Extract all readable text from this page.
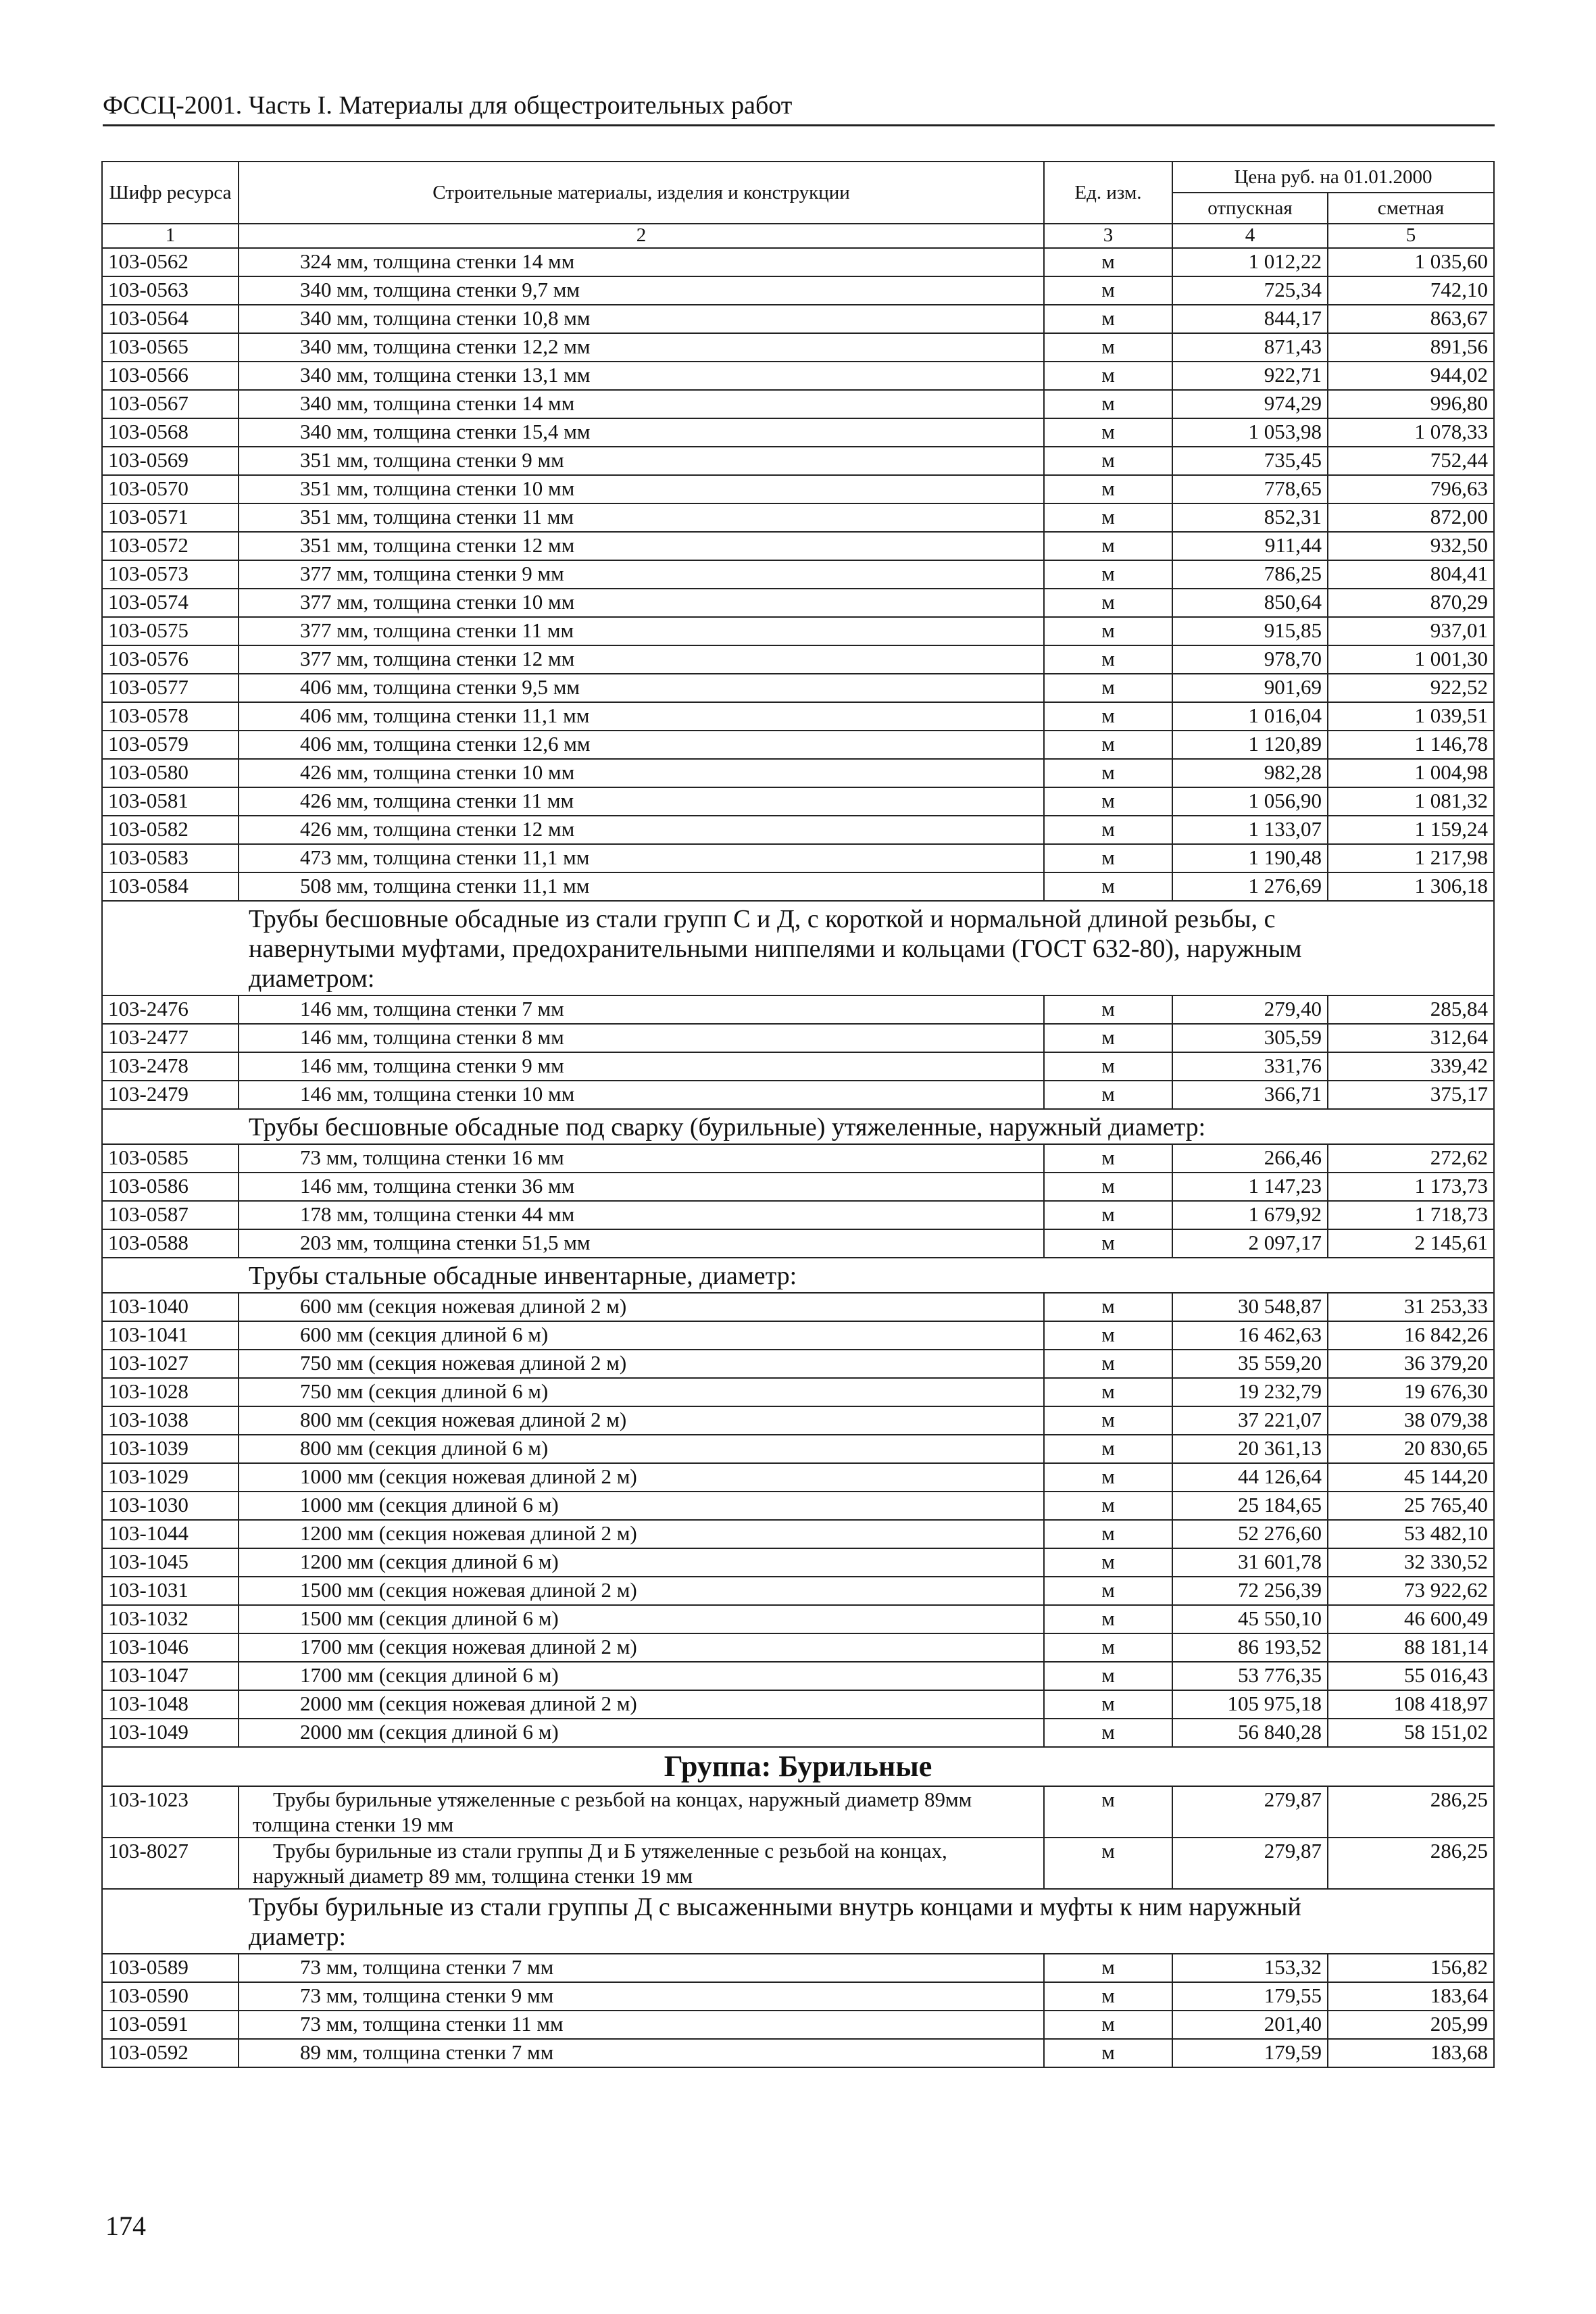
ФССЦ-2001. Часть I. Материалы для общестроительных работ
Шифр ресурса	Строительные материалы, изделия и конструкции	Ед. изм.	Цена руб. на 01.01.2000	
			отпускная	сметная
1	2	3	4	5
103-0562	324 мм, толщина стенки 14 мм	м	1 012,22	1 035,60
103-0563	340 мм, толщина стенки 9,7 мм	м	725,34	742,10
103-0564	340 мм, толщина стенки 10,8 мм	м	844,17	863,67
103-0565	340 мм, толщина стенки 12,2 мм	м	871,43	891,56
103-0566	340 мм, толщина стенки 13,1 мм	м	922,71	944,02
103-0567	340 мм, толщина стенки 14 мм	м	974,29	996,80
103-0568	340 мм, толщина стенки 15,4 мм	м	1 053,98	1 078,33
103-0569	351 мм, толщина стенки 9 мм	м	735,45	752,44
103-0570	351 мм, толщина стенки 10 мм	м	778,65	796,63
103-0571	351 мм, толщина стенки 11 мм	м	852,31	872,00
103-0572	351 мм, толщина стенки 12 мм	м	911,44	932,50
103-0573	377 мм, толщина стенки 9 мм	м	786,25	804,41
103-0574	377 мм, толщина стенки 10 мм	м	850,64	870,29
103-0575	377 мм, толщина стенки 11 мм	м	915,85	937,01
103-0576	377 мм, толщина стенки 12 мм	м	978,70	1 001,30
103-0577	406 мм, толщина стенки 9,5 мм	м	901,69	922,52
103-0578	406 мм, толщина стенки 11,1 мм	м	1 016,04	1 039,51
103-0579	406 мм, толщина стенки 12,6 мм	м	1 120,89	1 146,78
103-0580	426 мм, толщина стенки 10 мм	м	982,28	1 004,98
103-0581	426 мм, толщина стенки 11 мм	м	1 056,90	1 081,32
103-0582	426 мм, толщина стенки 12 мм	м	1 133,07	1 159,24
103-0583	473 мм, толщина стенки 11,1 мм	м	1 190,48	1 217,98
103-0584	508 мм, толщина стенки 11,1 мм	м	1 276,69	1 306,18
Трубы бесшовные обсадные из стали групп С и Д, с короткой и нормальной длиной резьбы, с навернутыми муфтами, предохранительными ниппелями и кольцами (ГОСТ 632-80), наружным диаметром:				
103-2476	146 мм, толщина стенки 7 мм	м	279,40	285,84
103-2477	146 мм, толщина стенки 8 мм	м	305,59	312,64
103-2478	146 мм, толщина стенки 9 мм	м	331,76	339,42
103-2479	146 мм, толщина стенки 10 мм	м	366,71	375,17
Трубы бесшовные обсадные под сварку (бурильные) утяжеленные, наружный диаметр:				
103-0585	73 мм, толщина стенки 16 мм	м	266,46	272,62
103-0586	146 мм, толщина стенки 36 мм	м	1 147,23	1 173,73
103-0587	178 мм, толщина стенки 44 мм	м	1 679,92	1 718,73
103-0588	203 мм, толщина стенки 51,5 мм	м	2 097,17	2 145,61
Трубы стальные обсадные инвентарные, диаметр:				
103-1040	600 мм (секция ножевая длиной 2 м)	м	30 548,87	31 253,33
103-1041	600 мм (секция длиной 6 м)	м	16 462,63	16 842,26
103-1027	750 мм (секция ножевая длиной 2 м)	м	35 559,20	36 379,20
103-1028	750 мм (секция длиной 6 м)	м	19 232,79	19 676,30
103-1038	800 мм (секция ножевая длиной 2 м)	м	37 221,07	38 079,38
103-1039	800 мм (секция длиной 6 м)	м	20 361,13	20 830,65
103-1029	1000 мм (секция ножевая длиной 2 м)	м	44 126,64	45 144,20
103-1030	1000 мм (секция длиной 6 м)	м	25 184,65	25 765,40
103-1044	1200 мм (секция ножевая длиной 2 м)	м	52 276,60	53 482,10
103-1045	1200 мм (секция длиной 6 м)	м	31 601,78	32 330,52
103-1031	1500 мм (секция ножевая длиной 2 м)	м	72 256,39	73 922,62
103-1032	1500 мм (секция длиной 6 м)	м	45 550,10	46 600,49
103-1046	1700 мм (секция ножевая длиной 2 м)	м	86 193,52	88 181,14
103-1047	1700 мм (секция длиной 6 м)	м	53 776,35	55 016,43
103-1048	2000 мм (секция ножевая длиной 2 м)	м	105 975,18	108 418,97
103-1049	2000 мм (секция длиной 6 м)	м	56 840,28	58 151,02
Группа: Бурильные				
103-1023	Трубы бурильные утяжеленные с резьбой на концах, наружный диаметр 89мм толщина стенки 19 мм	м	279,87	286,25
103-8027	Трубы бурильные из стали группы Д и Б утяжеленные с резьбой на концах, наружный диаметр 89 мм, толщина стенки 19 мм	м	279,87	286,25
Трубы бурильные из стали группы Д с высаженными внутрь концами и муфты к ним наружный диаметр:				
103-0589	73 мм, толщина стенки 7 мм	м	153,32	156,82
103-0590	73 мм, толщина стенки 9 мм	м	179,55	183,64
103-0591	73 мм, толщина стенки 11 мм	м	201,40	205,99
103-0592	89 мм, толщина стенки 7 мм	м	179,59	183,68
174
